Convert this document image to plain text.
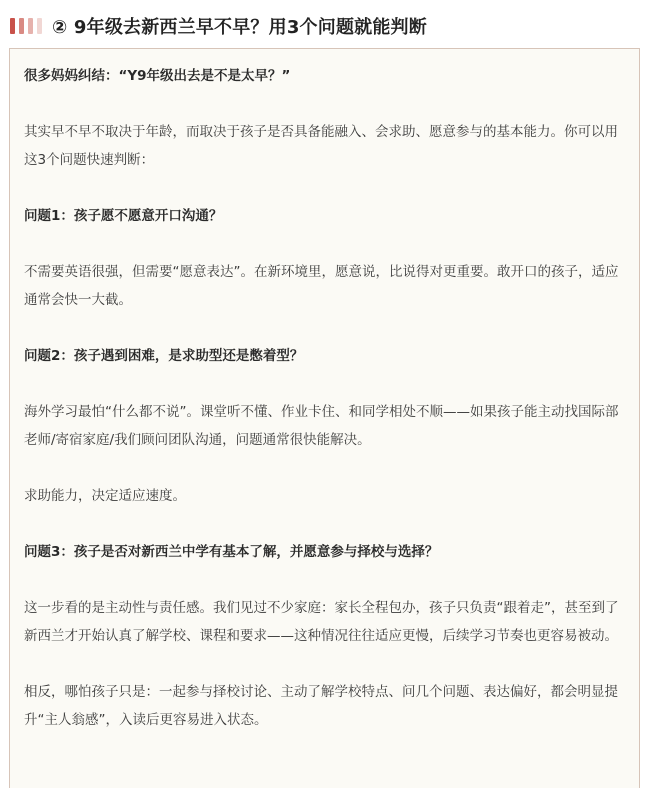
② 9年级去新西兰早不早？用3个问题就能判断

很多妈妈纠结：“Y9年级出去是不是太早？”

其实早不早不取决于年龄，而取决于孩子是否具备能融入、会求助、愿意参与的基本能力。你可以用这3个问题快速判断：

问题1：孩子愿不愿意开口沟通？

不需要英语很强，但需要“愿意表达”。在新环境里，愿意说，比说得对更重要。敢开口的孩子，适应通常会快一大截。

问题2：孩子遇到困难，是求助型还是憋着型？

海外学习最怕“什么都不说”。课堂听不懂、作业卡住、和同学相处不顺——如果孩子能主动找国际部老师/寄宿家庭/我们顾问团队沟通，问题通常很快能解决。

求助能力，决定适应速度。

问题3：孩子是否对新西兰中学有基本了解，并愿意参与择校与选择？

这一步看的是主动性与责任感。我们见过不少家庭：家长全程包办，孩子只负责“跟着走”，甚至到了新西兰才开始认真了解学校、课程和要求——这种情况往往适应更慢，后续学习节奏也更容易被动。

相反，哪怕孩子只是：一起参与择校讨论、主动了解学校特点、问几个问题、表达偏好，都会明显提升“主人翁感”，入读后更容易进入状态。
